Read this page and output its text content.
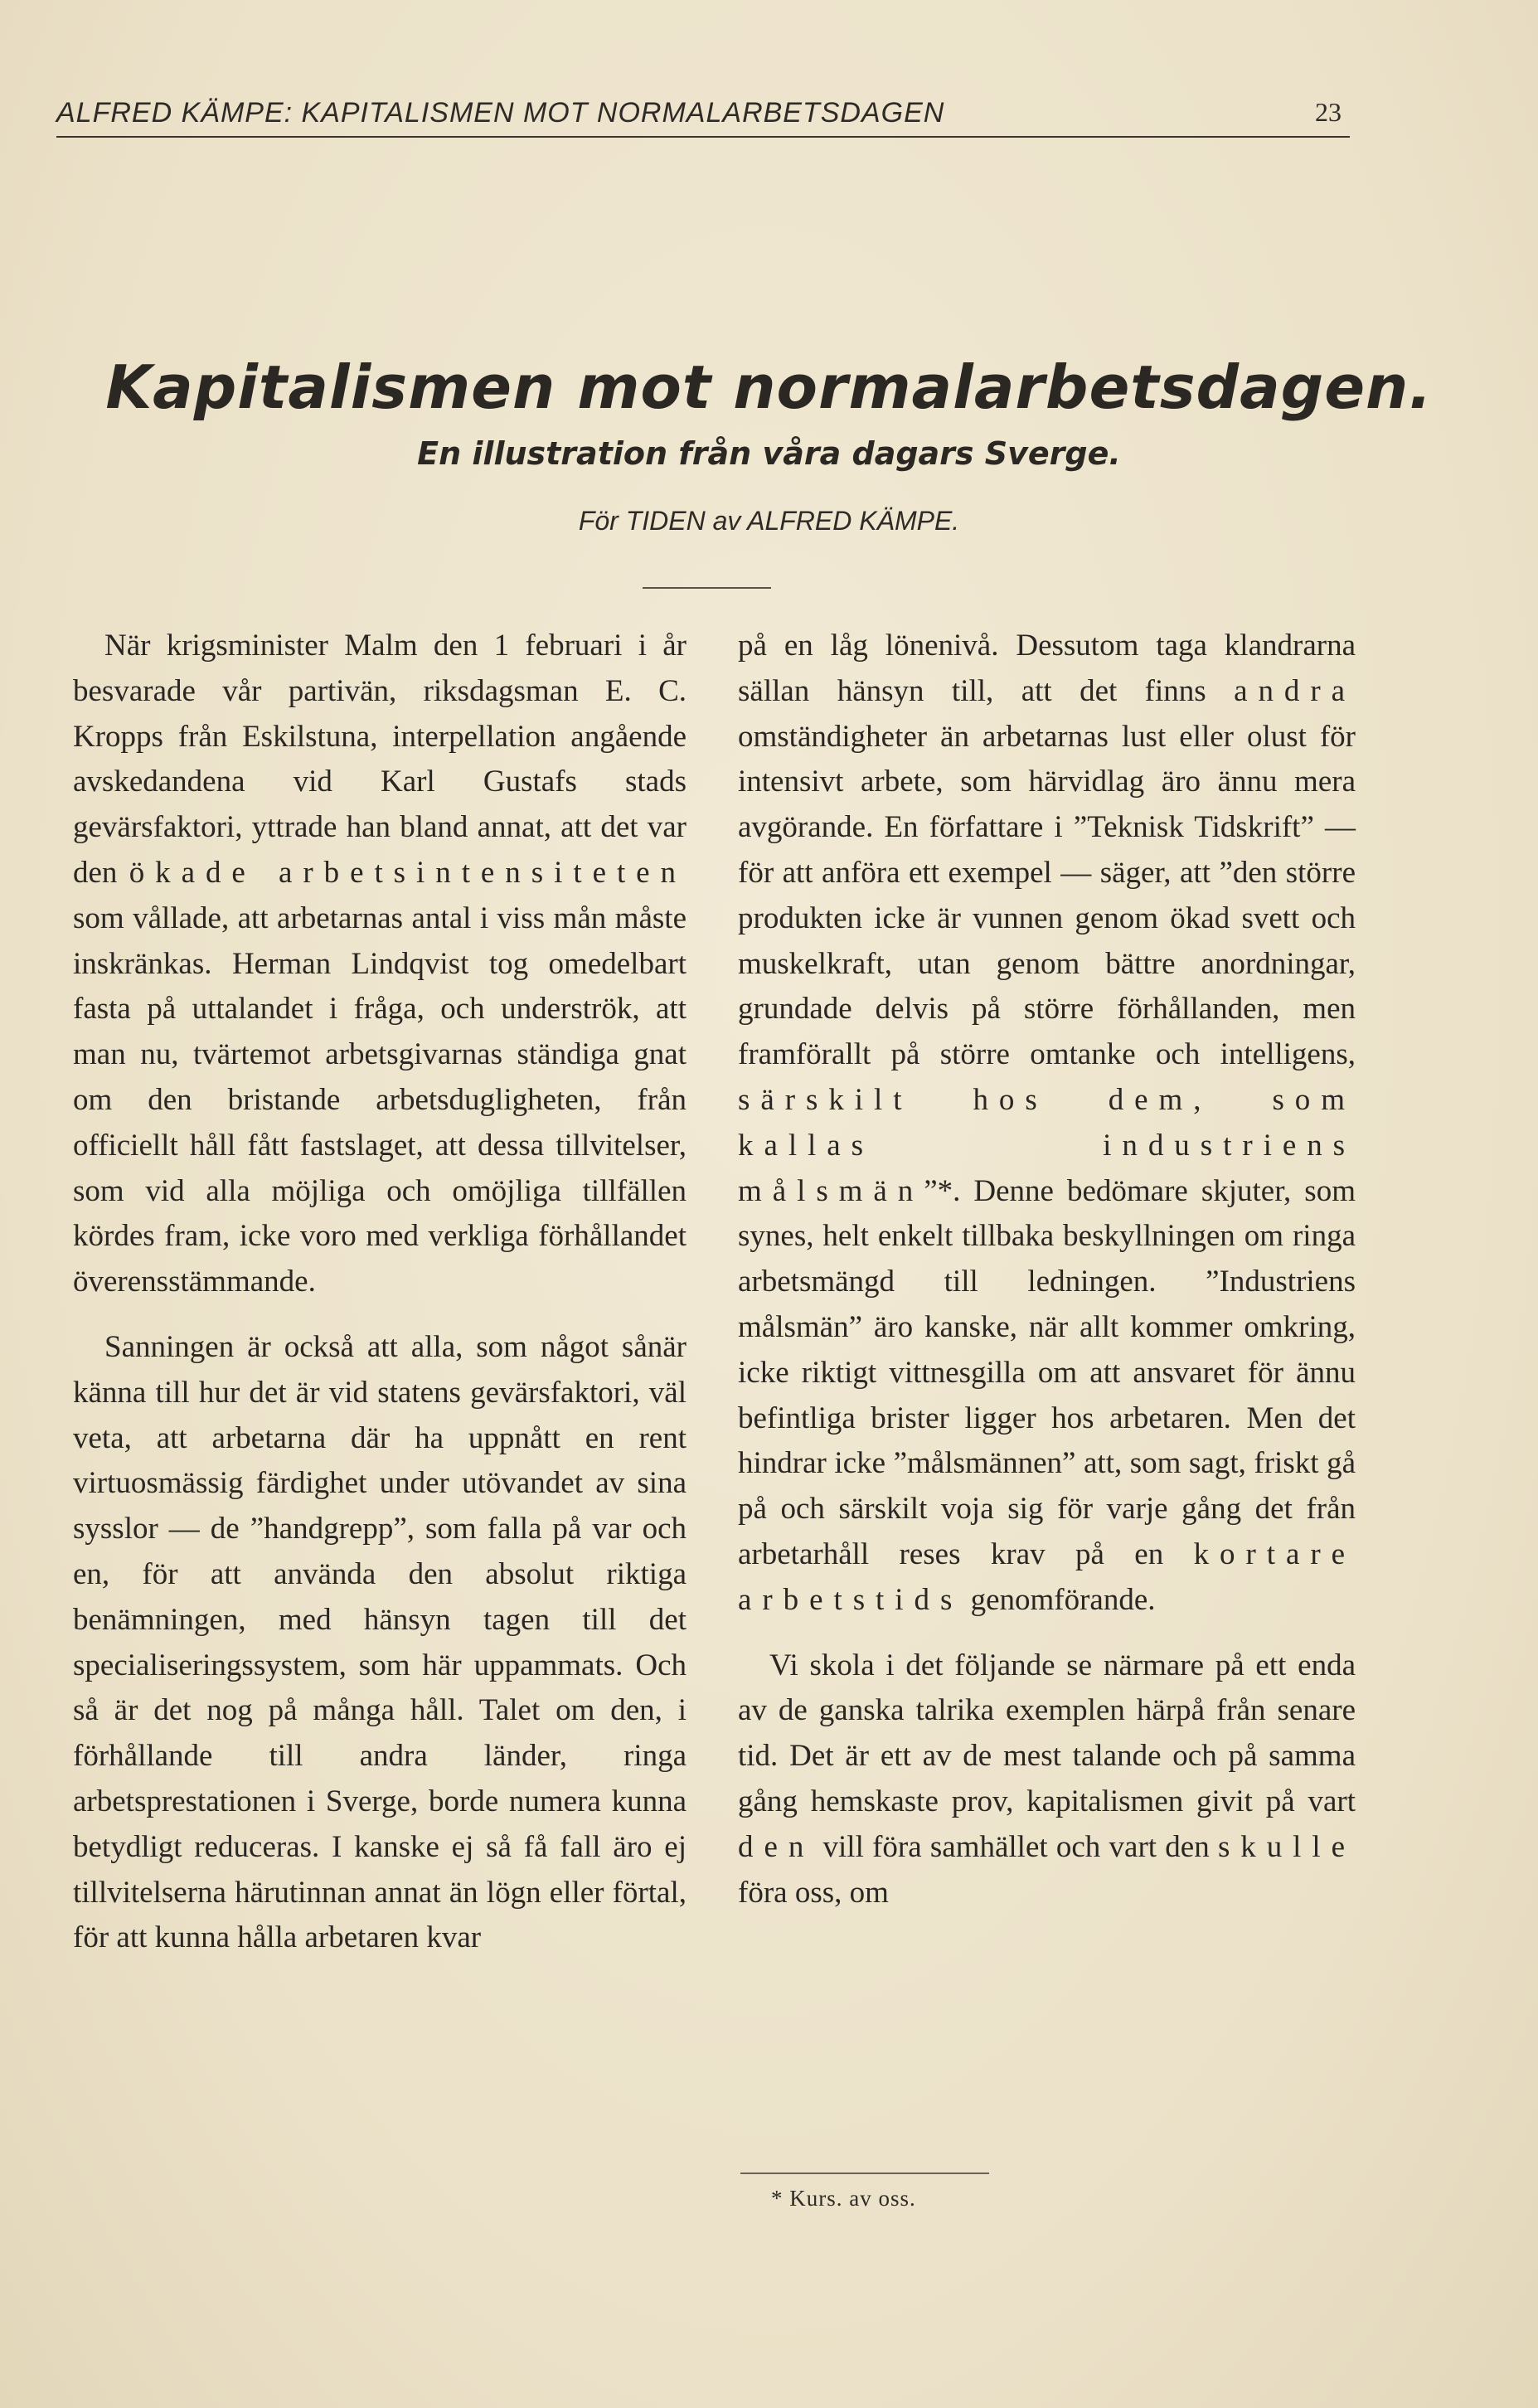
ALFRED KÄMPE: KAPITALISMEN MOT NORMALARBETSDAGEN	23
Kapitalismen mot normalarbetsdagen.
En illustration från våra dagars Sverge.
För TIDEN av ALFRED KÄMPE.

När krigsminister Malm den 1 februari i år besvarade vår partivän, riksdagsman E. C. Kropps från Eskilstuna, interpellation angående avskedandena vid Karl Gustafs stads gevärsfaktori, yttrade han bland annat, att det var den ökade arbetsintensiteten som vållade, att arbetarnas antal i viss mån måste inskränkas. Herman Lindqvist tog omedelbart fasta på uttalandet i fråga, och underströk, att man nu, tvärtemot arbetsgivarnas ständiga gnat om den bristande arbetsdugligheten, från officiellt håll fått fastslaget, att dessa tillvitelser, som vid alla möjliga och omöjliga tillfällen kördes fram, icke voro med verkliga förhållandet överensstämmande.

Sanningen är också att alla, som något sånär känna till hur det är vid statens gevärsfaktori, väl veta, att arbetarna där ha uppnått en rent virtuosmässig färdighet under utövandet av sina sysslor — de ”handgrepp”, som falla på var och en, för att använda den absolut riktiga benämningen, med hänsyn tagen till det specialiseringssystem, som här uppammats. Och så är det nog på många håll. Talet om den, i förhållande till andra länder, ringa arbetsprestationen i Sverge, borde numera kunna betydligt reduceras. I kanske ej så få fall äro ej tillvitelserna härutinnan annat än lögn eller förtal, för att kunna hålla arbetaren kvar

på en låg lönenivå. Dessutom taga klandrarna sällan hänsyn till, att det finns andra omständigheter än arbetarnas lust eller olust för intensivt arbete, som härvidlag äro ännu mera avgörande. En författare i ”Teknisk Tidskrift” — för att anföra ett exempel — säger, att ”den större produkten icke är vunnen genom ökad svett och muskelkraft, utan genom bättre anordningar, grundade delvis på större förhållanden, men framförallt på större omtanke och intelligens, särskilt hos dem, som kallas industriens målsmän”*. Denne bedömare skjuter, som synes, helt enkelt tillbaka beskyllningen om ringa arbetsmängd till ledningen. ”Industriens målsmän” äro kanske, när allt kommer omkring, icke riktigt vittnesgilla om att ansvaret för ännu befintliga brister ligger hos arbetaren. Men det hindrar icke ”målsmännen” att, som sagt, friskt gå på och särskilt voja sig för varje gång det från arbetarhåll reses krav på en kortare arbetstids genomförande.

Vi skola i det följande se närmare på ett enda av de ganska talrika exemplen härpå från senare tid. Det är ett av de mest talande och på samma gång hemskaste prov, kapitalismen givit på vart den vill föra samhället och vart den skulle föra oss, om

* Kurs. av oss.
